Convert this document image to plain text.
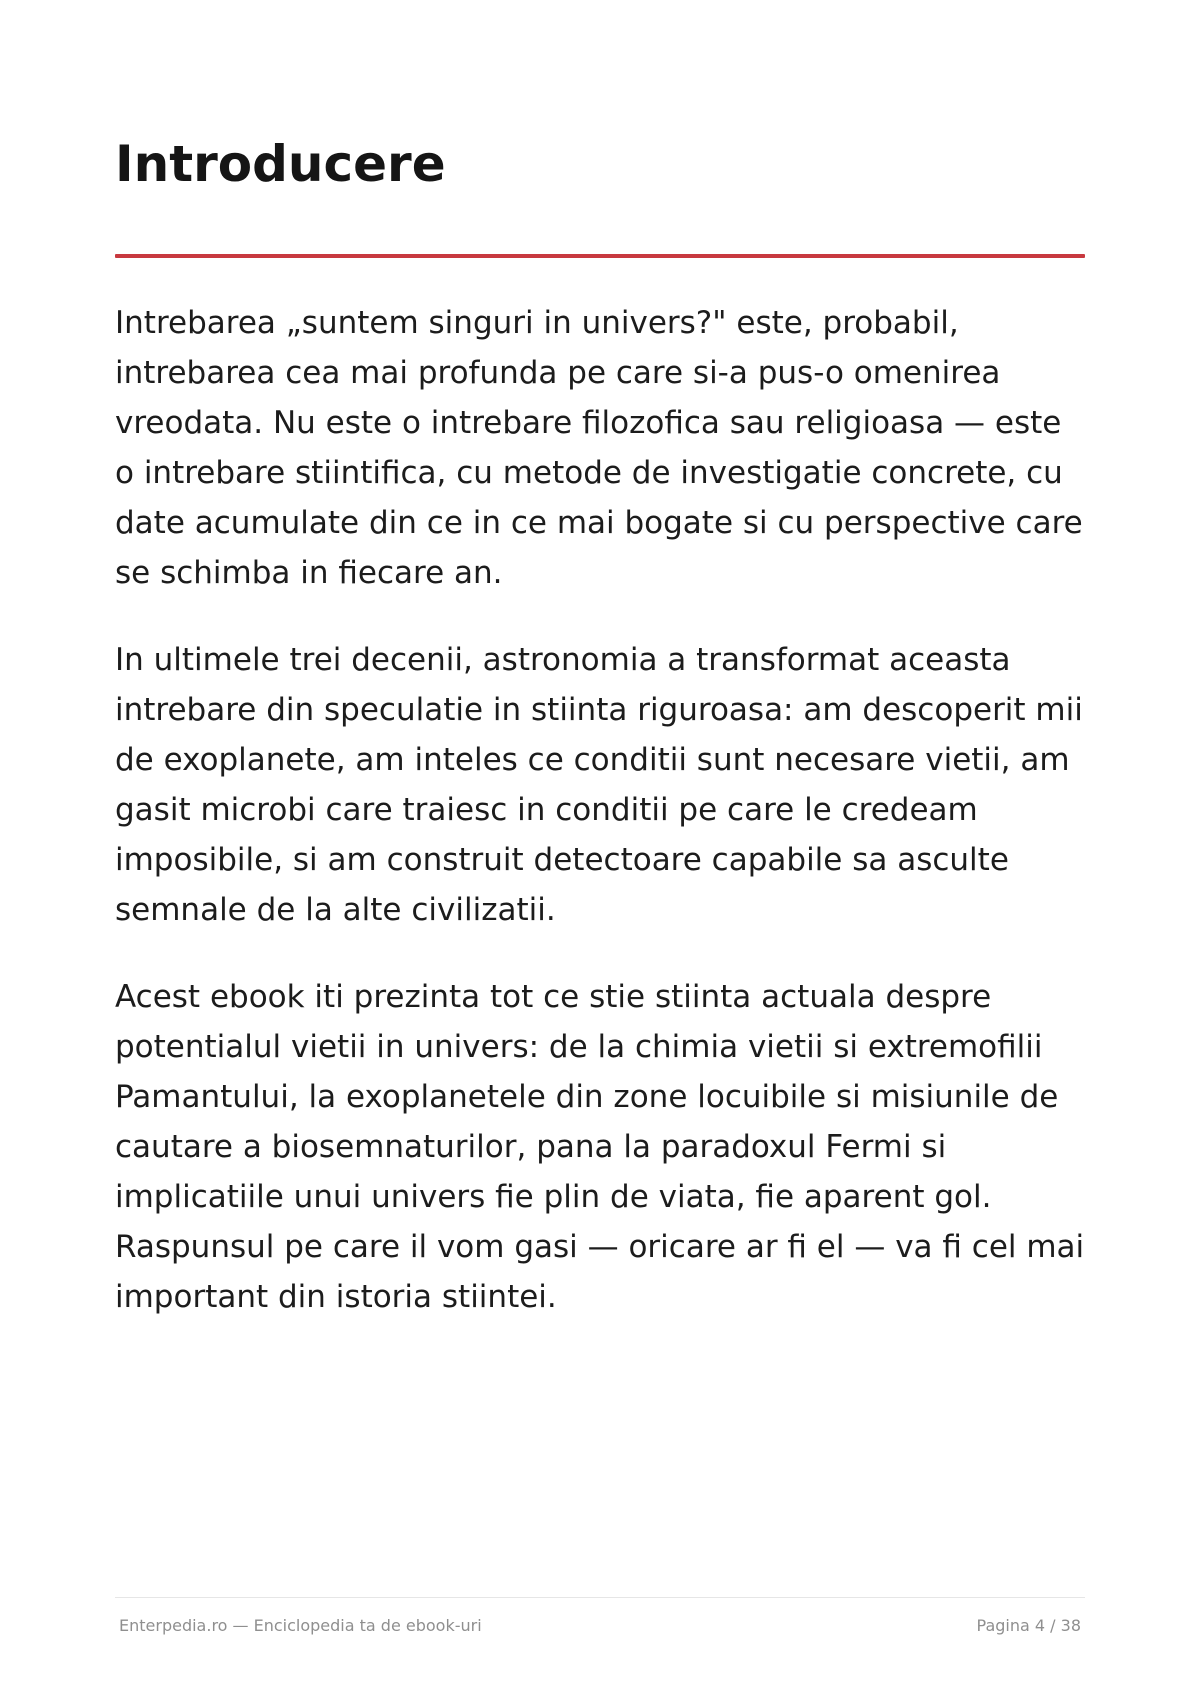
Introducere

Intrebarea „suntem singuri in univers?" este, probabil, intrebarea cea mai profunda pe care si-a pus-o omenirea vreodata. Nu este o intrebare filozofica sau religioasa — este o intrebare stiintifica, cu metode de investigatie concrete, cu date acumulate din ce in ce mai bogate si cu perspective care se schimba in fiecare an.

In ultimele trei decenii, astronomia a transformat aceasta intrebare din speculatie in stiinta riguroasa: am descoperit mii de exoplanete, am inteles ce conditii sunt necesare vietii, am gasit microbi care traiesc in conditii pe care le credeam imposibile, si am construit detectoare capabile sa asculte semnale de la alte civilizatii.

Acest ebook iti prezinta tot ce stie stiinta actuala despre potentialul vietii in univers: de la chimia vietii si extremofilii Pamantului, la exoplanetele din zone locuibile si misiunile de cautare a biosemnaturilor, pana la paradoxul Fermi si implicatiile unui univers fie plin de viata, fie aparent gol. Raspunsul pe care il vom gasi — oricare ar fi el — va fi cel mai important din istoria stiintei.

Enterpedia.ro — Enciclopedia ta de ebook-uri	Pagina 4 / 38
